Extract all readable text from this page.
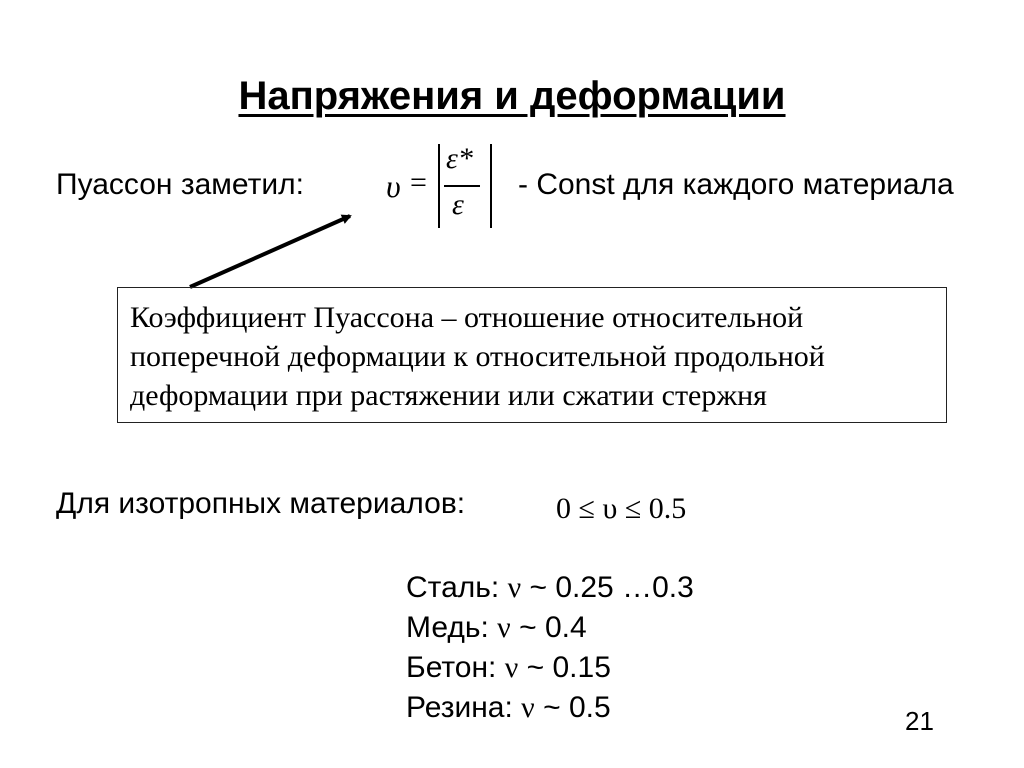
Напряжения и деформации
Пуассон заметил:	υ =
ε*
ε
- Const для каждого материала
Коэффициент Пуассона – отношение относительной
поперечной деформации к относительной продольной
деформации при растяжении или сжатии стержня
Для изотропных материалов:	0 ≤ υ ≤ 0.5
Сталь: ν ~ 0.25 …0.3
Медь: ν ~ 0.4
Бетон: ν ~ 0.15
Резина: ν ~ 0.5	21
